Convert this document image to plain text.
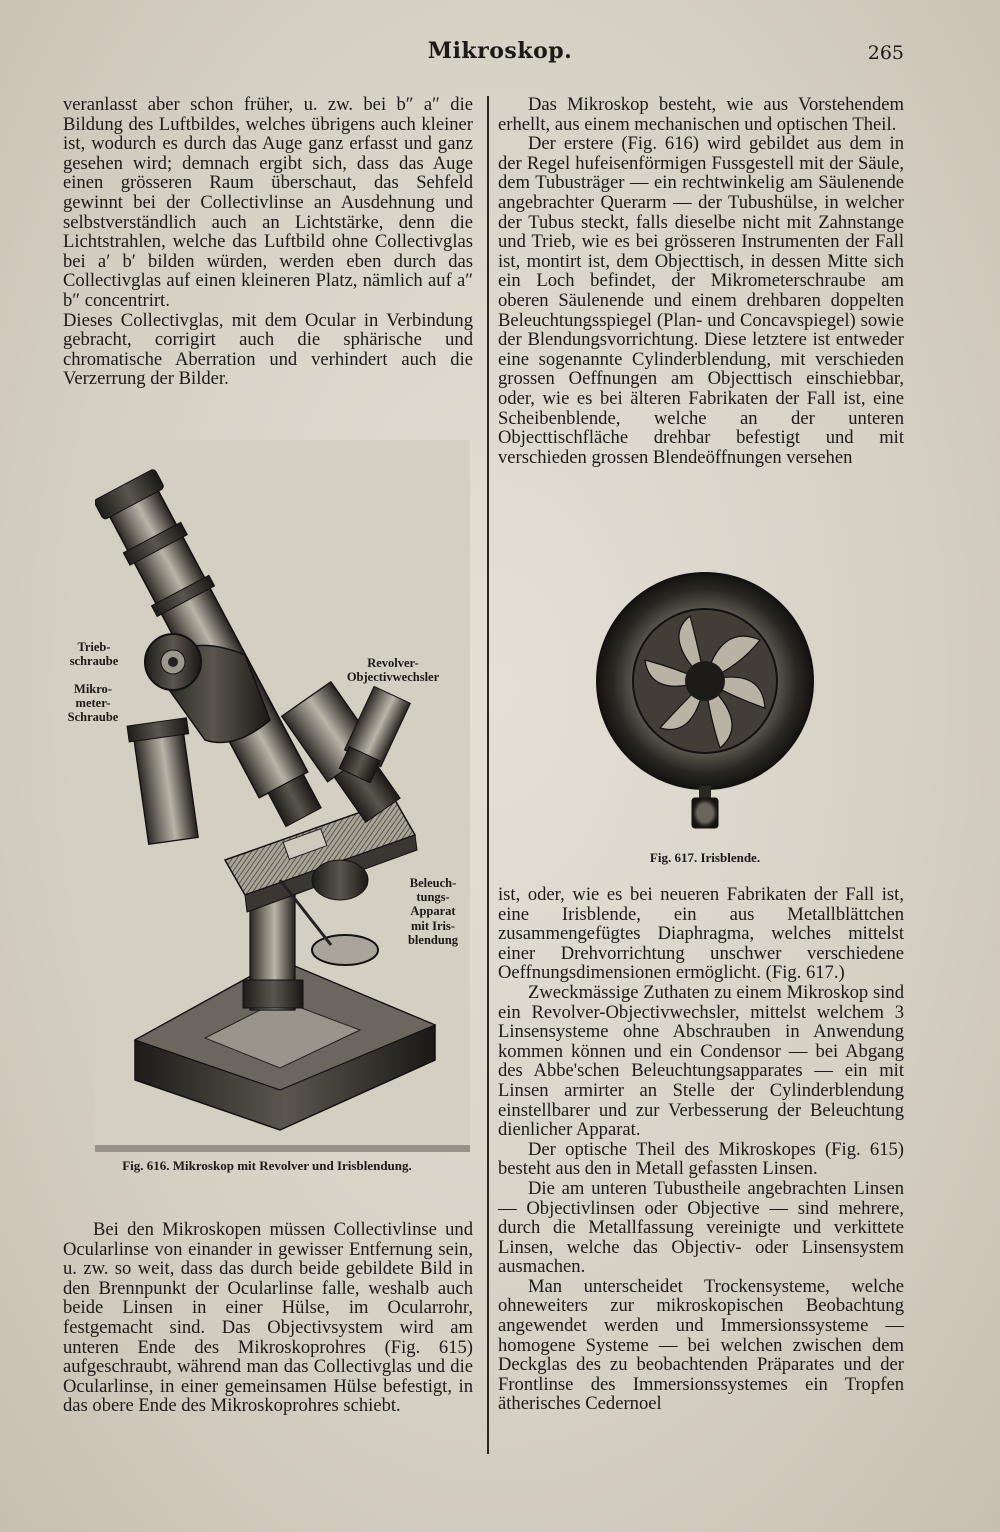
Mikroskop.	265

veranlasst aber schon früher, u. zw. bei b″ a″ die Bildung des Luftbildes, welches übrigens auch kleiner ist, wodurch es durch das Auge ganz erfasst und ganz gesehen wird; demnach ergibt sich, dass das Auge einen grösseren Raum überschaut, das Sehfeld gewinnt bei der Collectivlinse an Ausdehnung und selbstverständlich auch an Lichtstärke, denn die Lichtstrahlen, welche das Luftbild ohne Collectivglas bei a′ b′ bilden würden, werden eben durch das Collectivglas auf einen kleineren Platz, nämlich auf a″ b″ concentrirt.

Dieses Collectivglas, mit dem Ocular in Verbindung gebracht, corrigirt auch die sphärische und chromatische Aberration und verhindert auch die Verzerrung der Bilder.

Trieb-
schraube
Mikro-
meter-
Schraube
Revolver-
Objectivwechsler
Beleuch-
tungs-
Apparat
mit Iris-
blendung
Fig. 616. Mikroskop mit Revolver und Irisblendung.

Bei den Mikroskopen müssen Collectivlinse und Ocularlinse von einander in gewisser Entfernung sein, u. zw. so weit, dass das durch beide gebildete Bild in den Brennpunkt der Ocularlinse falle, weshalb auch beide Linsen in einer Hülse, im Ocularrohr, festgemacht sind. Das Objectivsystem wird am unteren Ende des Mikroskoprohres (Fig. 615) aufgeschraubt, während man das Collectivglas und die Ocularlinse, in einer gemeinsamen Hülse befestigt, in das obere Ende des Mikroskoprohres schiebt.

Das Mikroskop besteht, wie aus Vorstehendem erhellt, aus einem mechanischen und optischen Theil.

Der erstere (Fig. 616) wird gebildet aus dem in der Regel hufeisenförmigen Fussgestell mit der Säule, dem Tubusträger — ein rechtwinkelig am Säulenende angebrachter Querarm — der Tubushülse, in welcher der Tubus steckt, falls dieselbe nicht mit Zahnstange und Trieb, wie es bei grösseren Instrumenten der Fall ist, montirt ist, dem Objecttisch, in dessen Mitte sich ein Loch befindet, der Mikrometerschraube am oberen Säulenende und einem drehbaren doppelten Beleuchtungsspiegel (Plan- und Concavspiegel) sowie der Blendungsvorrichtung. Diese letztere ist entweder eine sogenannte Cylinderblendung, mit verschieden grossen Oeffnungen am Objecttisch einschiebbar, oder, wie es bei älteren Fabrikaten der Fall ist, eine Scheibenblende, welche an der unteren Objecttischfläche drehbar befestigt und mit verschieden grossen Blendeöffnungen versehen

Fig. 617. Irisblende.

ist, oder, wie es bei neueren Fabrikaten der Fall ist, eine Irisblende, ein aus Metallblättchen zusammengefügtes Diaphragma, welches mittelst einer Drehvorrichtung unschwer verschiedene Oeffnungsdimensionen ermöglicht. (Fig. 617.)

Zweckmässige Zuthaten zu einem Mikroskop sind ein Revolver-Objectivwechsler, mittelst welchem 3 Linsensysteme ohne Abschrauben in Anwendung kommen können und ein Condensor — bei Abgang des Abbe'schen Beleuchtungsapparates — ein mit Linsen armirter an Stelle der Cylinderblendung einstellbarer und zur Verbesserung der Beleuchtung dienlicher Apparat.

Der optische Theil des Mikroskopes (Fig. 615) besteht aus den in Metall gefassten Linsen.

Die am unteren Tubustheile angebrachten Linsen — Objectivlinsen oder Objective — sind mehrere, durch die Metallfassung vereinigte und verkittete Linsen, welche das Objectiv- oder Linsensystem ausmachen.

Man unterscheidet Trockensysteme, welche ohneweiters zur mikroskopischen Beobachtung angewendet werden und Immersionssysteme — homogene Systeme — bei welchen zwischen dem Deckglas des zu beobachtenden Präparates und der Frontlinse des Immersionssystemes ein Tropfen ätherisches Cedernoel
